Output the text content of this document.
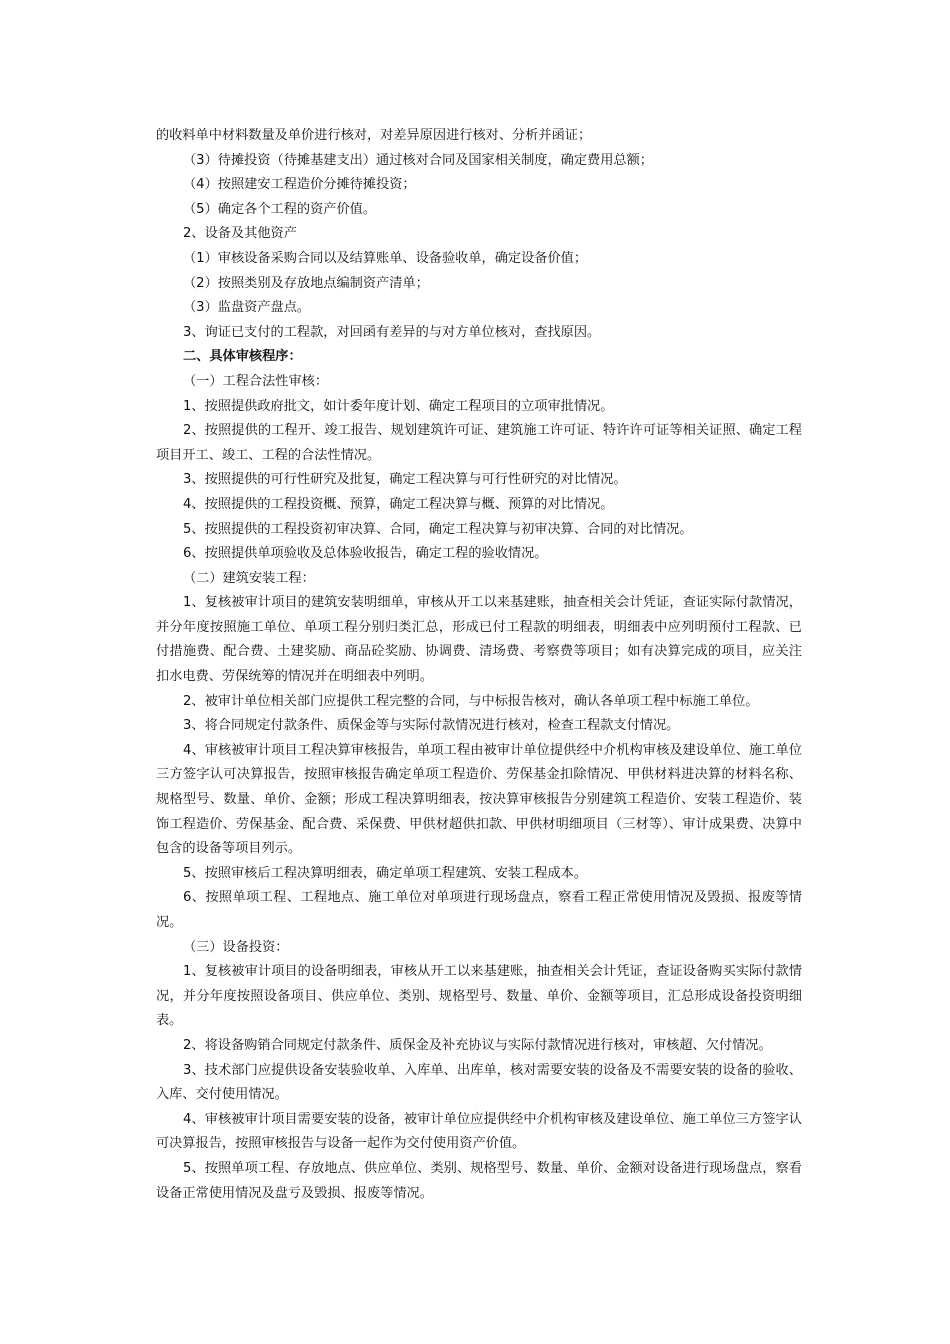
的收料单中材料数量及单价进行核对，对差异原因进行核对、分析并函证；

（3）待摊投资（待摊基建支出）通过核对合同及国家相关制度，确定费用总额；

（4）按照建安工程造价分摊待摊投资；

（5）确定各个工程的资产价值。

2、设备及其他资产

（1）审核设备采购合同以及结算账单、设备验收单，确定设备价值；

（2）按照类别及存放地点编制资产清单；

（3）监盘资产盘点。

3、询证已支付的工程款，对回函有差异的与对方单位核对，查找原因。

二、具体审核程序：

（一）工程合法性审核：

1、按照提供政府批文，如计委年度计划、确定工程项目的立项审批情况。

2、按照提供的工程开、竣工报告、规划建筑许可证、建筑施工许可证、特许许可证等相关证照、确定工程项目开工、竣工、工程的合法性情况。

3、按照提供的可行性研究及批复，确定工程决算与可行性研究的对比情况。

4、按照提供的工程投资概、预算，确定工程决算与概、预算的对比情况。

5、按照提供的工程投资初审决算、合同，确定工程决算与初审决算、合同的对比情况。

6、按照提供单项验收及总体验收报告，确定工程的验收情况。

（二）建筑安装工程：

1、复核被审计项目的建筑安装明细单，审核从开工以来基建账，抽查相关会计凭证，查证实际付款情况，并分年度按照施工单位、单项工程分别归类汇总，形成已付工程款的明细表，明细表中应列明预付工程款、已付措施费、配合费、土建奖励、商品砼奖励、协调费、清场费、考察费等项目；如有决算完成的项目，应关注扣水电费、劳保统筹的情况并在明细表中列明。

2、被审计单位相关部门应提供工程完整的合同，与中标报告核对，确认各单项工程中标施工单位。

3、将合同规定付款条件、质保金等与实际付款情况进行核对，检查工程款支付情况。

4、审核被审计项目工程决算审核报告，单项工程由被审计单位提供经中介机构审核及建设单位、施工单位三方签字认可决算报告，按照审核报告确定单项工程造价、劳保基金扣除情况、甲供材料进决算的材料名称、规格型号、数量、单价、金额；形成工程决算明细表，按决算审核报告分别建筑工程造价、安装工程造价、装饰工程造价、劳保基金、配合费、采保费、甲供材超供扣款、甲供材明细项目（三材等）、审计成果费、决算中包含的设备等项目列示。

5、按照审核后工程决算明细表，确定单项工程建筑、安装工程成本。

6、按照单项工程、工程地点、施工单位对单项进行现场盘点，察看工程正常使用情况及毁损、报废等情况。

（三）设备投资：

1、复核被审计项目的设备明细表，审核从开工以来基建账，抽查相关会计凭证，查证设备购买实际付款情况，并分年度按照设备项目、供应单位、类别、规格型号、数量、单价、金额等项目，汇总形成设备投资明细表。

2、将设备购销合同规定付款条件、质保金及补充协议与实际付款情况进行核对，审核超、欠付情况。

3、技术部门应提供设备安装验收单、入库单、出库单，核对需要安装的设备及不需要安装的设备的验收、入库、交付使用情况。

4、审核被审计项目需要安装的设备，被审计单位应提供经中介机构审核及建设单位、施工单位三方签字认可决算报告，按照审核报告与设备一起作为交付使用资产价值。

5、按照单项工程、存放地点、供应单位、类别、规格型号、数量、单价、金额对设备进行现场盘点，察看设备正常使用情况及盘亏及毁损、报废等情况。
